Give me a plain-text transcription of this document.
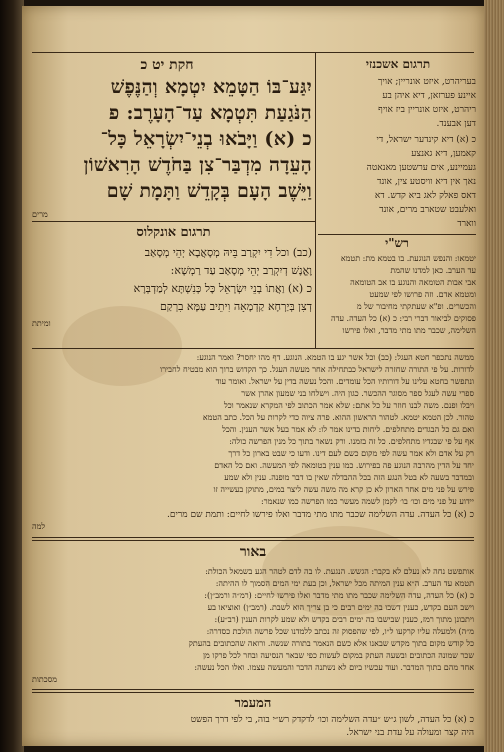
חקת יט כ	תרגום אשכנזי
יִגַּע־בּוֹ הַטָּמֵא יִטְמָא וְהַנֶּפֶשׁ
הַנֹּגַעַת תִּטְמָא עַד־הָעָרֶב: פ
כ (א) וַיָּבֹאוּ בְנֵי־יִשְׂרָאֵל כָּל־
הָעֵדָה מִדְבַּר־צִן בַּחֹדֶשׁ הָרִאשׁוֹן
וַיֵּשֶׁב הָעָם בְּקָדֵשׁ וַתָּמָת שָׁם
מרים
בעריהרט, איזט אונריין; אויך
איינע פערזאן, דיא איהן בע
ריהרט, איזט אונריין ביז אויף
דען אבענד.
כ (א) דיא קינדער ישראל, די
קאמען, דיא גאנצע
געמיינע, אים ערשטען מאנאטה
נאך אין דיא וויסטע צין, אונד
דאס פאלק לאג ביא קדש. דא
ואלעבט שטארב מרים, אונד
ווארד
רש"י
יטמאו: והנפש הנוגעת. בו בטמא מת: תטמא
עד הערב. כאן למדנו שהמת
אבי אבות הטומאה והנוגע בו אב הטומאה
ומטמא אדם. וזה פרושו לפי שמעט
והכשרים. ופ"א שעתקתי מחיבור של מ
פסוקים לביאור דברי רבי: כ (א) כל העדה. עדה
השלימה, שכבר מתו מתי מדבר, ואלו פירשו
תרגום אונקלוס
(כב) וכל דִי יִקְרַב בֵּיהּ מְסָאֲבָא יְהֵי מְסָאַב
וֶאֱנָשׁ דְיִקְרַב יְהֵי מְסָאַב עַד רַמְשָׁא:
כ (א) וַאֲתוֹ בְנֵי יִשְׂרָאֵל כָּל כְּנִשְׁתָּא לְמַדְבְּרָא
דְצִן בְּיַרְחָא קַדְמָאָה וִיתֵיב עַמָּא בִרְקַם
ומיתת
ממשה נתכפר חטא העגל: (כב) וכל אשר יגע בו הטמא. הנוגע. דף מהו יחסר? ואמר הנוגע:
לדורות. על פי התורה שחזרה לישראל כבתחילה אחר מעשה העגל. כך הקדוש ברוך הוא מבטיח לחבירו
ונתפשר בחטא עלינו על דורותיו הכל עומדים. והכל נעשה בדין על ישראל. ואומר עוד
ספרי עשה לעגל ספר מסוגר ההכשר. כגון היה. וישלחו בני שמעון אהרן אשר
ויבלו ופנם. משה לבנו חוזר על כל אתם: שלא אמר הכתוב לפי המקרא שנאמר וכל
טהור. לכן הטמא יטמא. לטהור הראשון ההוא. פרה ציוה כדי לקרות על הכל. כתב הטמא
ואם גם כל הבגדים מתחלפים. ליחות בדינו אמר לו: לא אמר בעל אשר הענין. והכל
אף על פי שבגדיו מתחלפים. כל זה בזמנו. ורק נשאר בתוך כל מנין הפרשה כולה:
רק על אדם ולא אמר עשה לפי מקום כשם לעם דינו. ודעו כי שבט בארון כל דרך
יחד על הדין מהרבה הנוגע פה בפירוש. כמו ענין בטומאה לפי המעשה. ואם כל האדם
ובמדבר בשעה לא בטל הנגע הזה בכל ההבדלה שאין בו דבר מופנה. ענין ולא שמע
פירש על פני מים אחר הארון לא כן קרא מה משה עשה ליצר במים, מתוקן בעשייה זו
יידוע על פני מים וכו׳ בו׳ לקמן לשמה מעשר כמו הפרשה כמו שנאמר:
כ (א) כל העדה. עדה השלימה שכבר מתו מתי מדבר ואלו פירשו לחיים: ותמת שם מרים.
למה
באור
אותפשט נחה לא נעלם לא בקבר: הגשש. הנגעת. לו בה לדם לטהר הגע בשמאל הכולת:
תטמא עד הערב. ה״א ענין המיתה מכל ישראל, וכן בעת ימי המים הסמוך לו ההיתה:
כ (א) כל העדה, עדה השלימה שכבר מתו מתי מדבר ואלו פירשו לחיים: (רמ״ה ורמב״ן):
וישב העם בקדש, כענין דשבו בה ימים רבים כי בן צריך הוא לשבת. (רמב״ן) ואוציאו בע
ויתבונן מתוך רמז, כענין שבישבו בה ימים רבים בקדש ולא שמע לקרות הענין (רב״ע):
מ״ה) ולמעלה עליו קרקעו ל״ו, לפי שהפסוק זה נכתב ללמדנו שכל פרשה הולכת כסדרה:
כל קודש מקום בתוך מקדש שבאנו אלא כשם הנאמר בתורה שנשה. ורואה שהכתובים בהעתק
שכר שמונה הכתובים ובשעה העתק במקום לעשות כפי שבאר הנסיעה ובחר לכל פרקו מן
אחד מהם בתוך המדבר. ועוד עכשיו ביום לא נשתנה הדבר והמעשה עצמו. ואלו הכל נעשה:
מסכתות
המעמר
כ (א) כל העדה, לשון ג״ש ״עדה השלימה וכו׳ לדקדק רש״י בוה, בי לפי דרך הפשט
היה קצר ומעולה על עדת בני ישראל.
